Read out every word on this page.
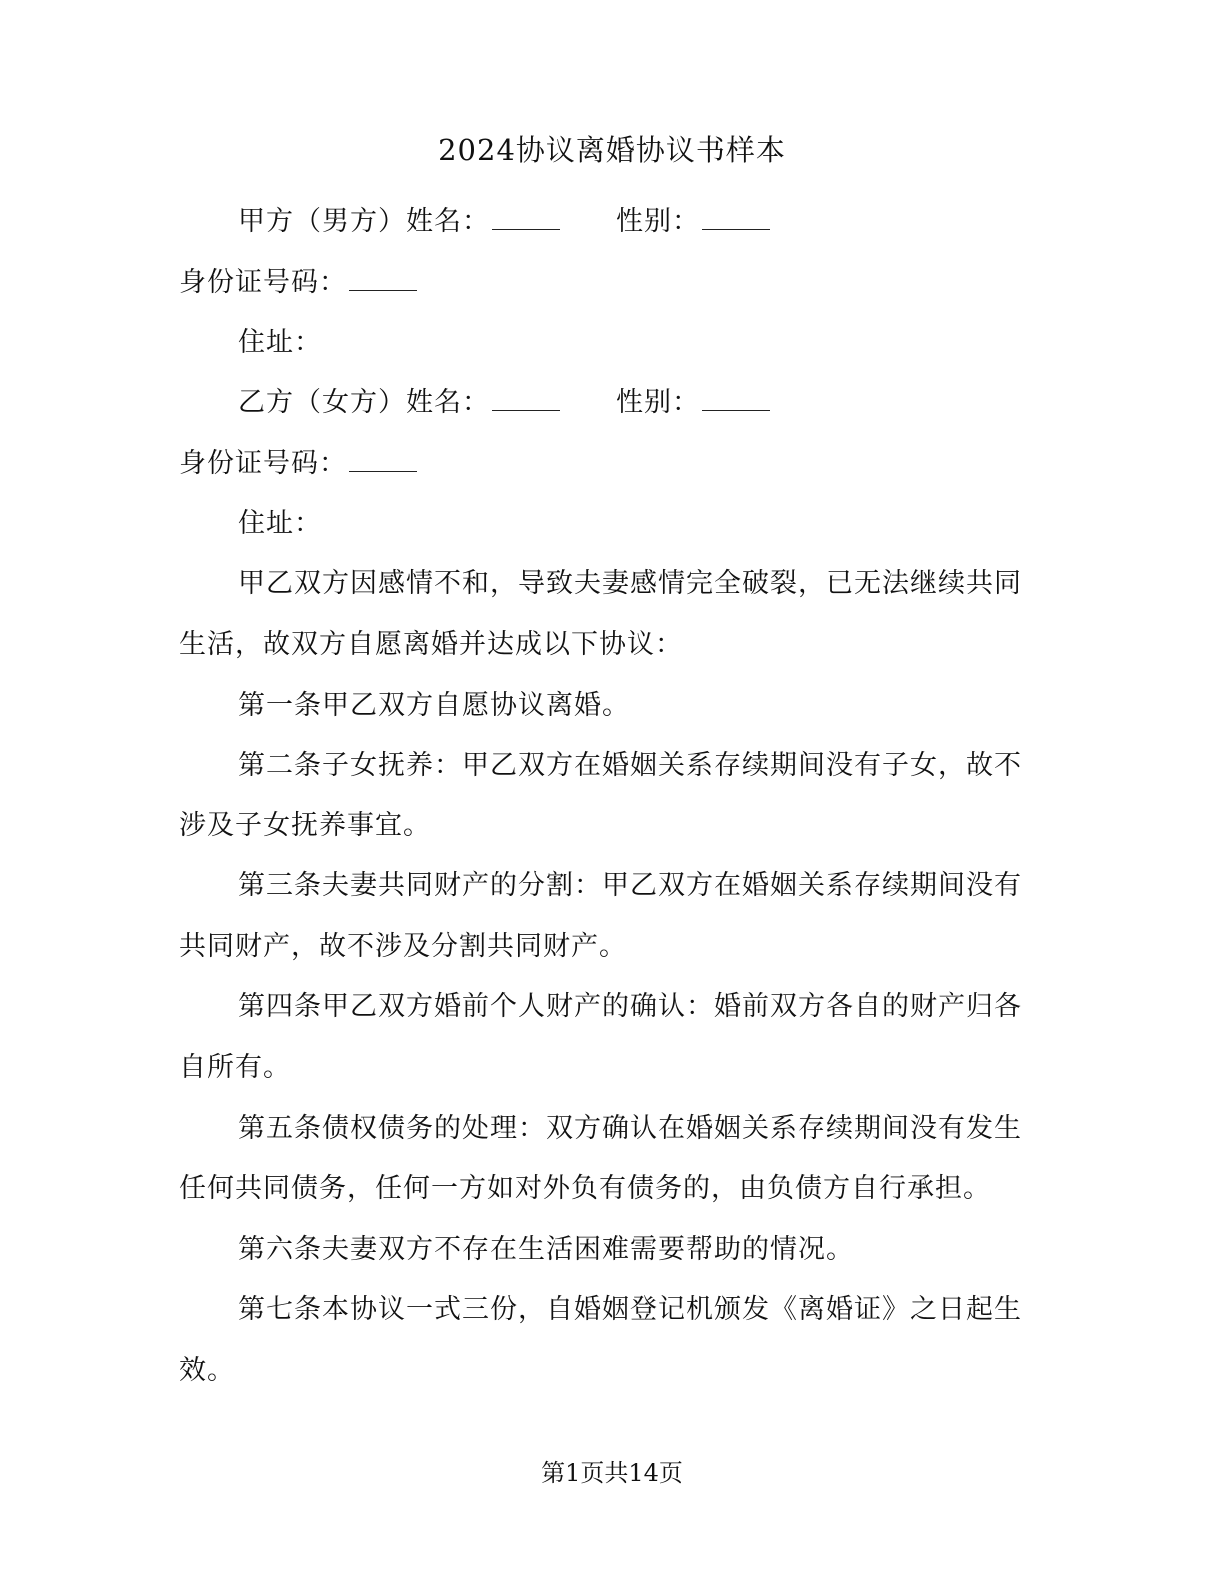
2024协议离婚协议书样本
甲方（男方）姓名：	性别：
身份证号码：
住址：
乙方（女方）姓名：	性别：
身份证号码：
住址：
甲乙双方因感情不和，导致夫妻感情完全破裂，已无法继续共同
生活，故双方自愿离婚并达成以下协议：
第一条甲乙双方自愿协议离婚。
第二条子女抚养：甲乙双方在婚姻关系存续期间没有子女，故不
涉及子女抚养事宜。
第三条夫妻共同财产的分割：甲乙双方在婚姻关系存续期间没有
共同财产，故不涉及分割共同财产。
第四条甲乙双方婚前个人财产的确认：婚前双方各自的财产归各
自所有。
第五条债权债务的处理：双方确认在婚姻关系存续期间没有发生
任何共同债务，任何一方如对外负有债务的，由负债方自行承担。
第六条夫妻双方不存在生活困难需要帮助的情况。
第七条本协议一式三份，自婚姻登记机颁发《离婚证》之日起生
效。
第1页共14页
